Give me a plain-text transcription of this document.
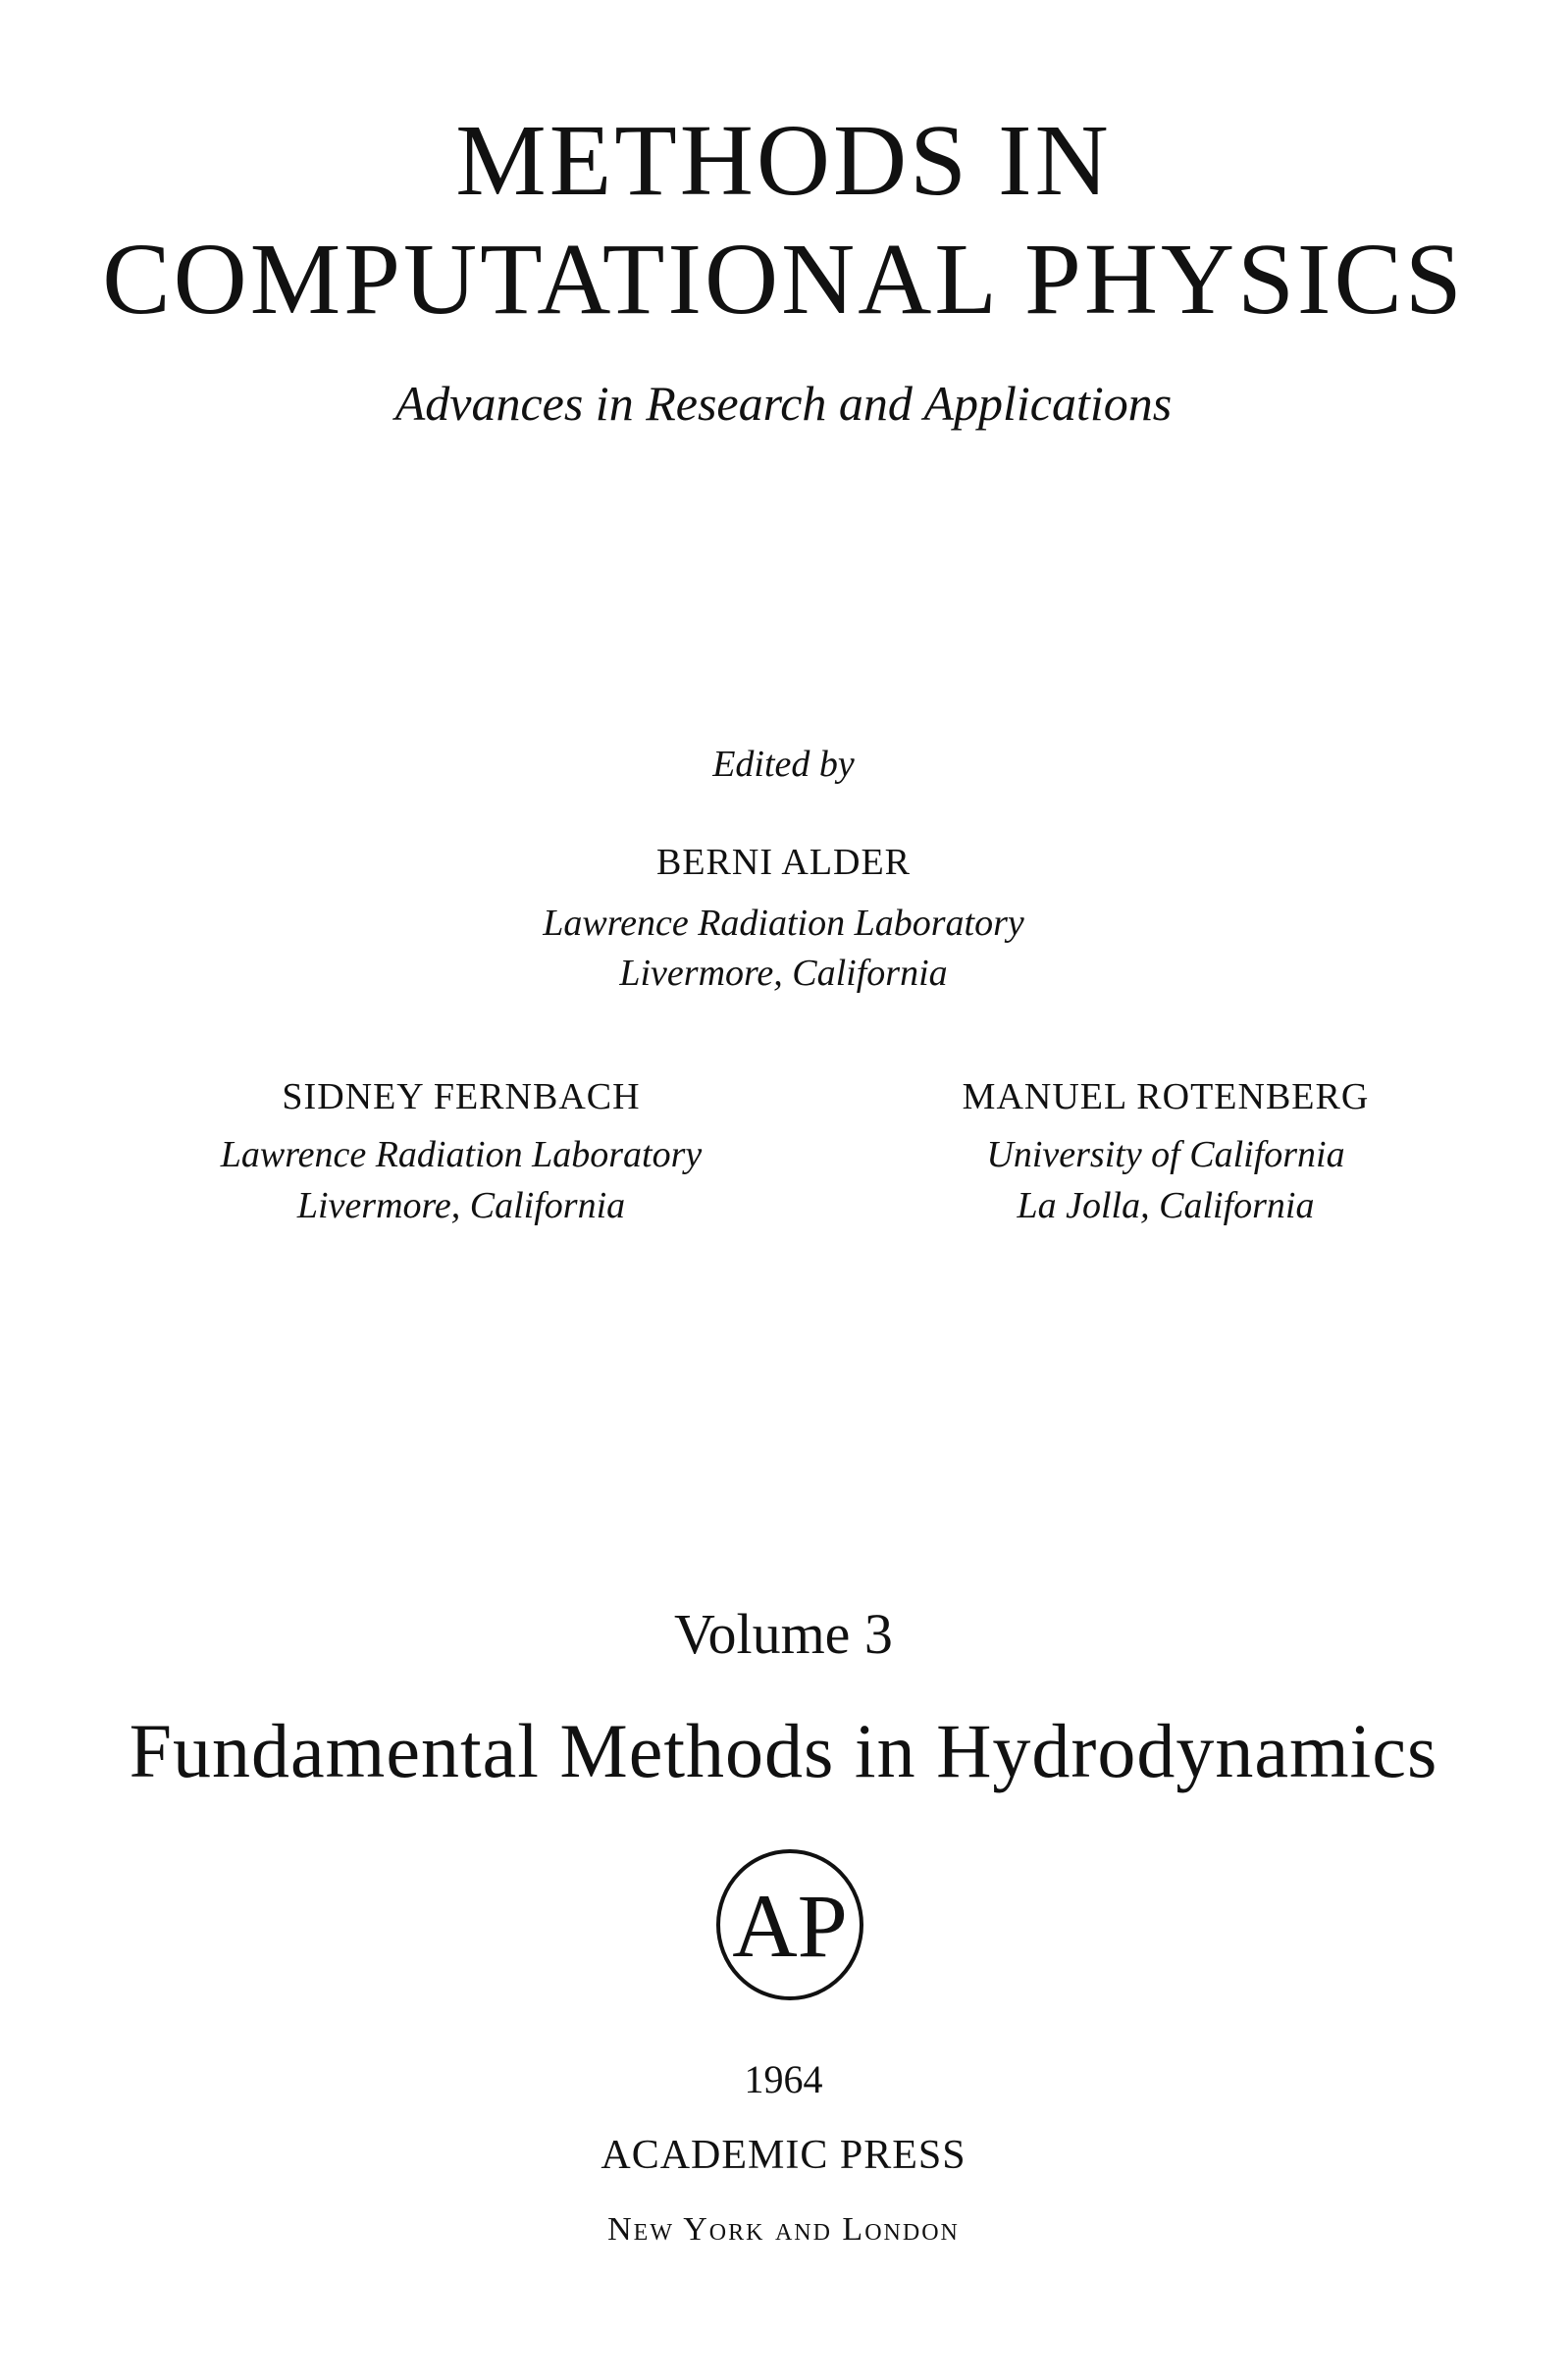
METHODS IN
COMPUTATIONAL PHYSICS
Advances in Research and Applications
Edited by
BERNI ALDER
Lawrence Radiation Laboratory
Livermore, California
SIDNEY FERNBACH
Lawrence Radiation Laboratory
Livermore, California
MANUEL ROTENBERG
University of California
La Jolla, California
Volume 3
Fundamental Methods in Hydrodynamics
AP
1964
ACADEMIC PRESS
New York and London
